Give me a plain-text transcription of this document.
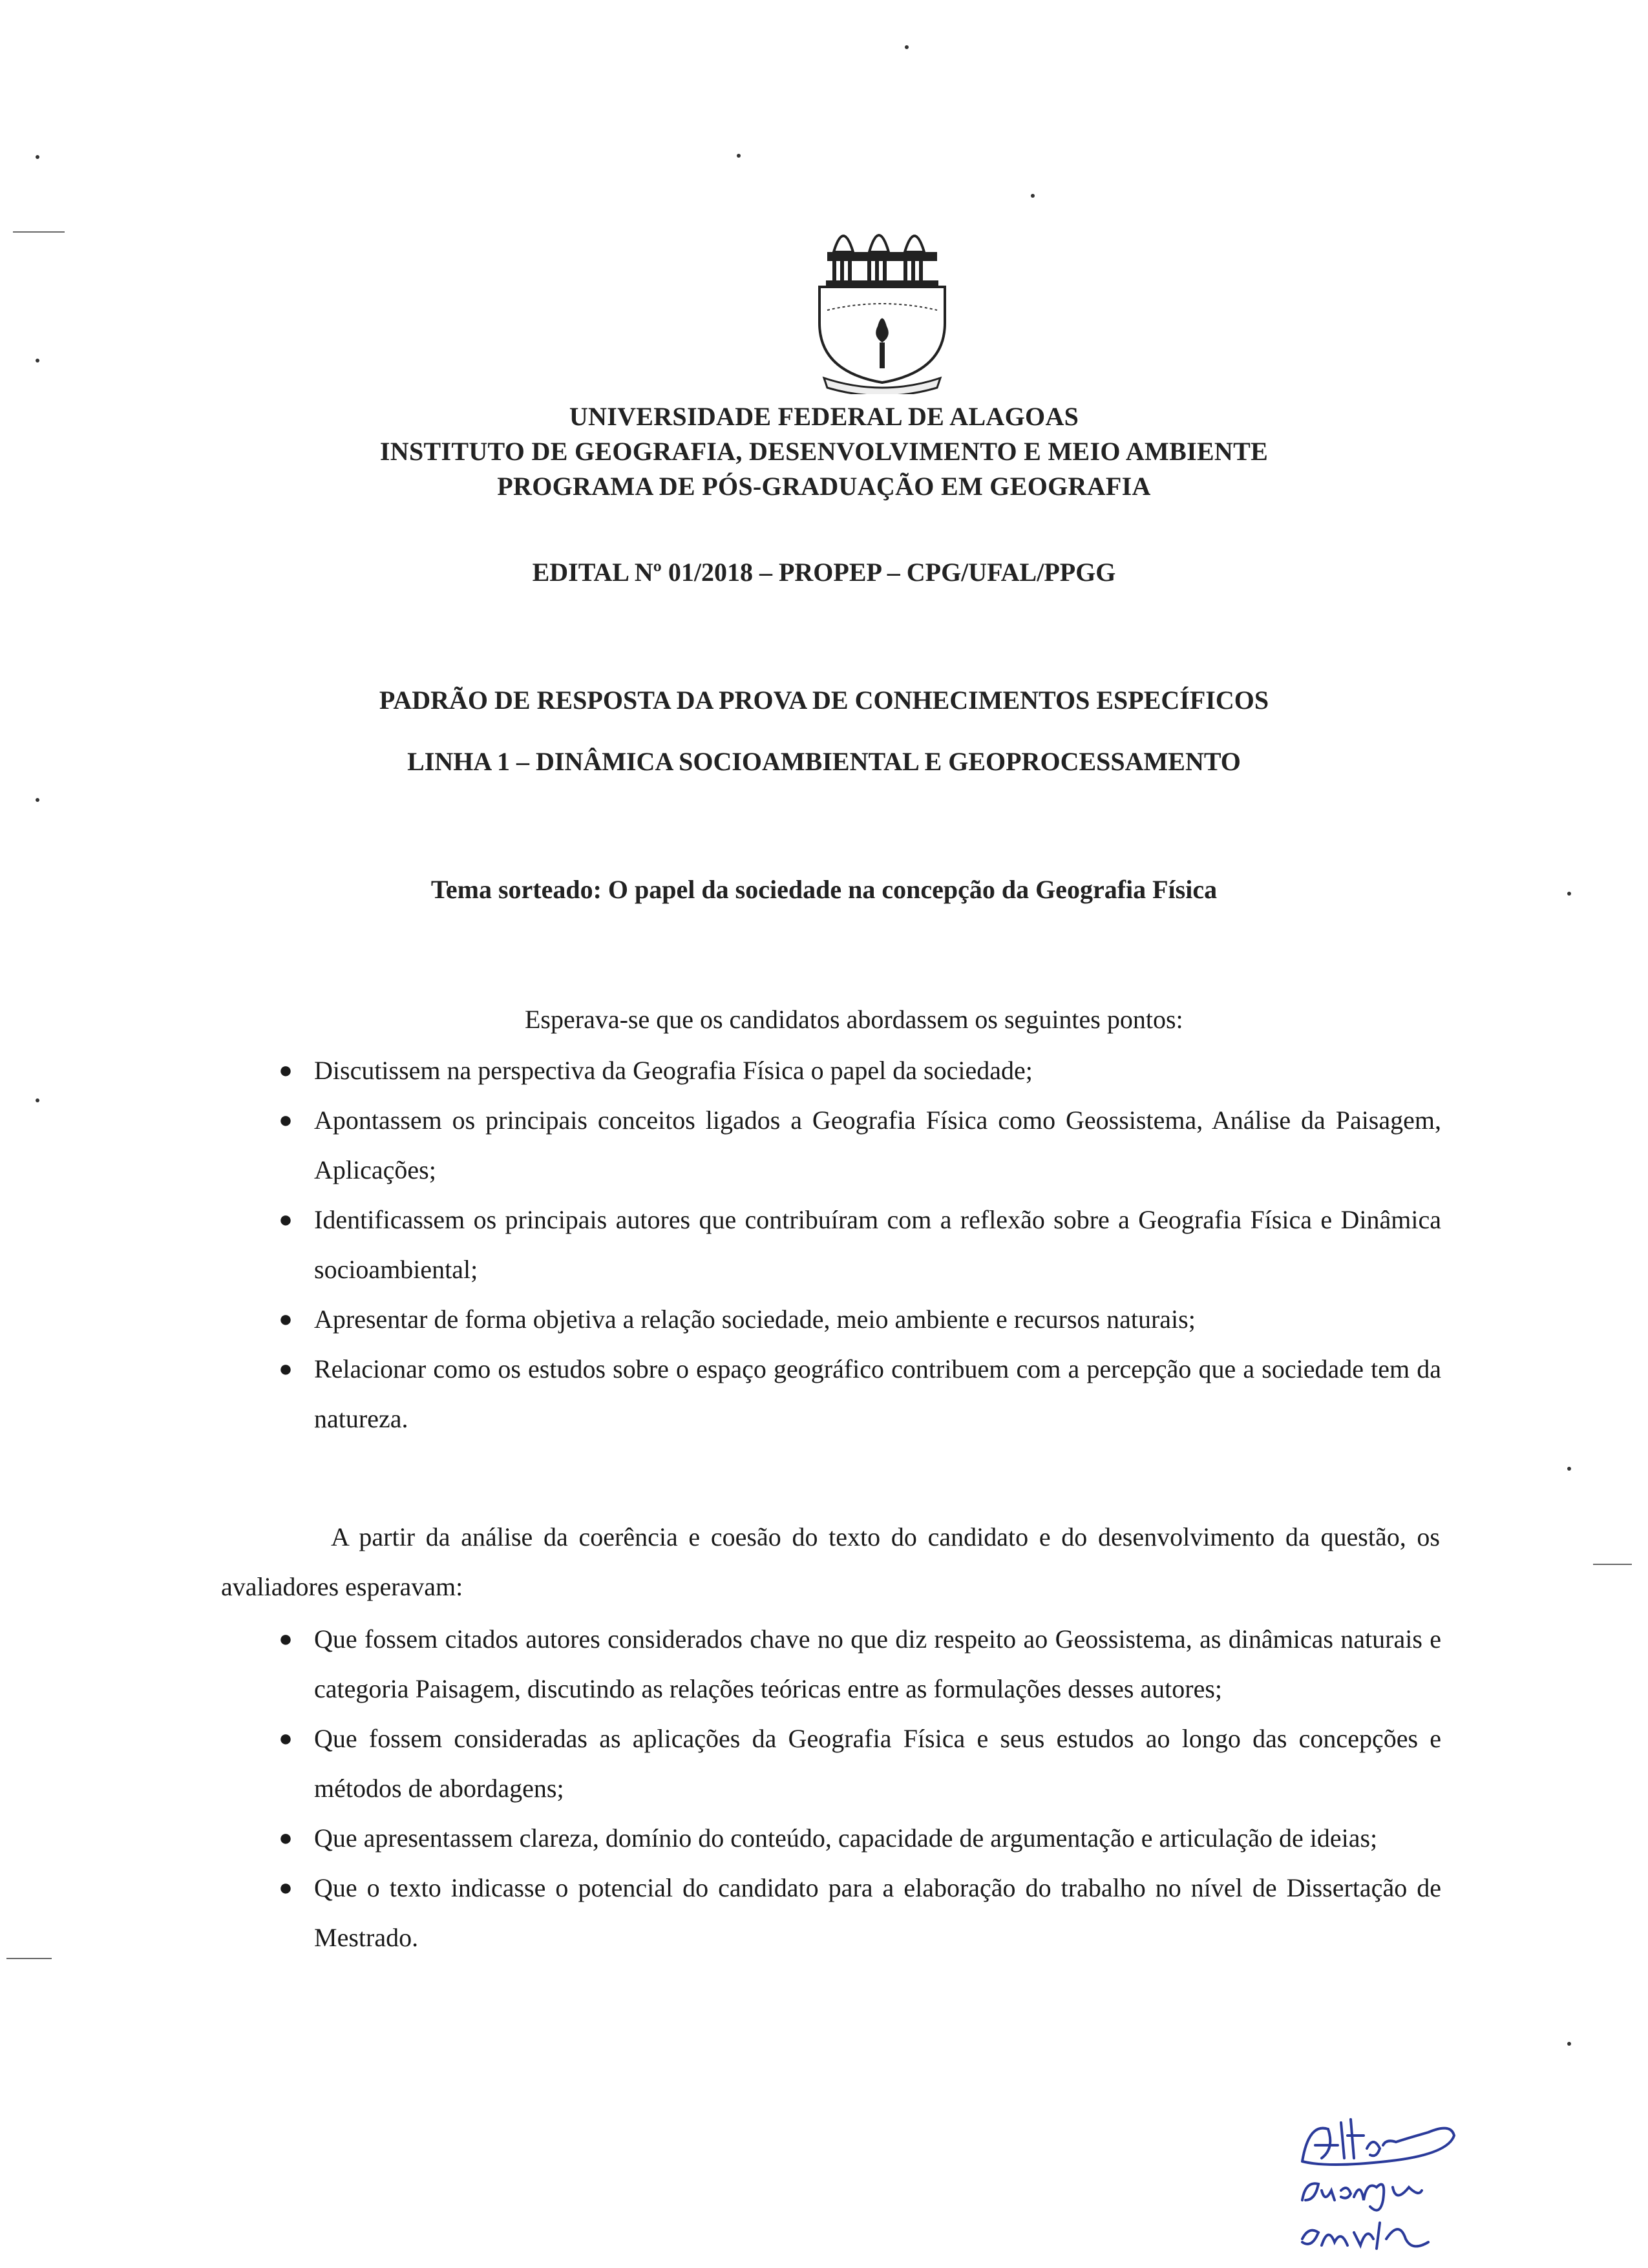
UNIVERSIDADE FEDERAL DE ALAGOAS
INSTITUTO DE GEOGRAFIA, DESENVOLVIMENTO E MEIO AMBIENTE
PROGRAMA DE PÓS-GRADUAÇÃO EM GEOGRAFIA
EDITAL Nº 01/2018 – PROPEP – CPG/UFAL/PPGG
PADRÃO DE RESPOSTA DA PROVA DE CONHECIMENTOS ESPECÍFICOS
LINHA 1 – DINÂMICA SOCIOAMBIENTAL E GEOPROCESSAMENTO
Tema sorteado: O papel da sociedade na concepção da Geografia Física
Esperava-se que os candidatos abordassem os seguintes pontos:
● Discutissem na perspectiva da Geografia Física o papel da sociedade;
● Apontassem os principais conceitos ligados a Geografia Física como Geossistema, Análise da Paisagem, Aplicações;
● Identificassem os principais autores que contribuíram com a reflexão sobre a Geografia Física e Dinâmica socioambiental;
● Apresentar de forma objetiva a relação sociedade, meio ambiente e recursos naturais;
● Relacionar como os estudos sobre o espaço geográfico contribuem com a percepção que a sociedade tem da natureza.
A partir da análise da coerência e coesão do texto do candidato e do desenvolvimento da questão, os avaliadores esperavam:
● Que fossem citados autores considerados chave no que diz respeito ao Geossistema, as dinâmicas naturais e categoria Paisagem, discutindo as relações teóricas entre as formulações desses autores;
● Que fossem consideradas as aplicações da Geografia Física e seus estudos ao longo das concepções e métodos de abordagens;
● Que apresentassem clareza, domínio do conteúdo, capacidade de argumentação e articulação de ideias;
● Que o texto indicasse o potencial do candidato para a elaboração do trabalho no nível de Dissertação de Mestrado.
